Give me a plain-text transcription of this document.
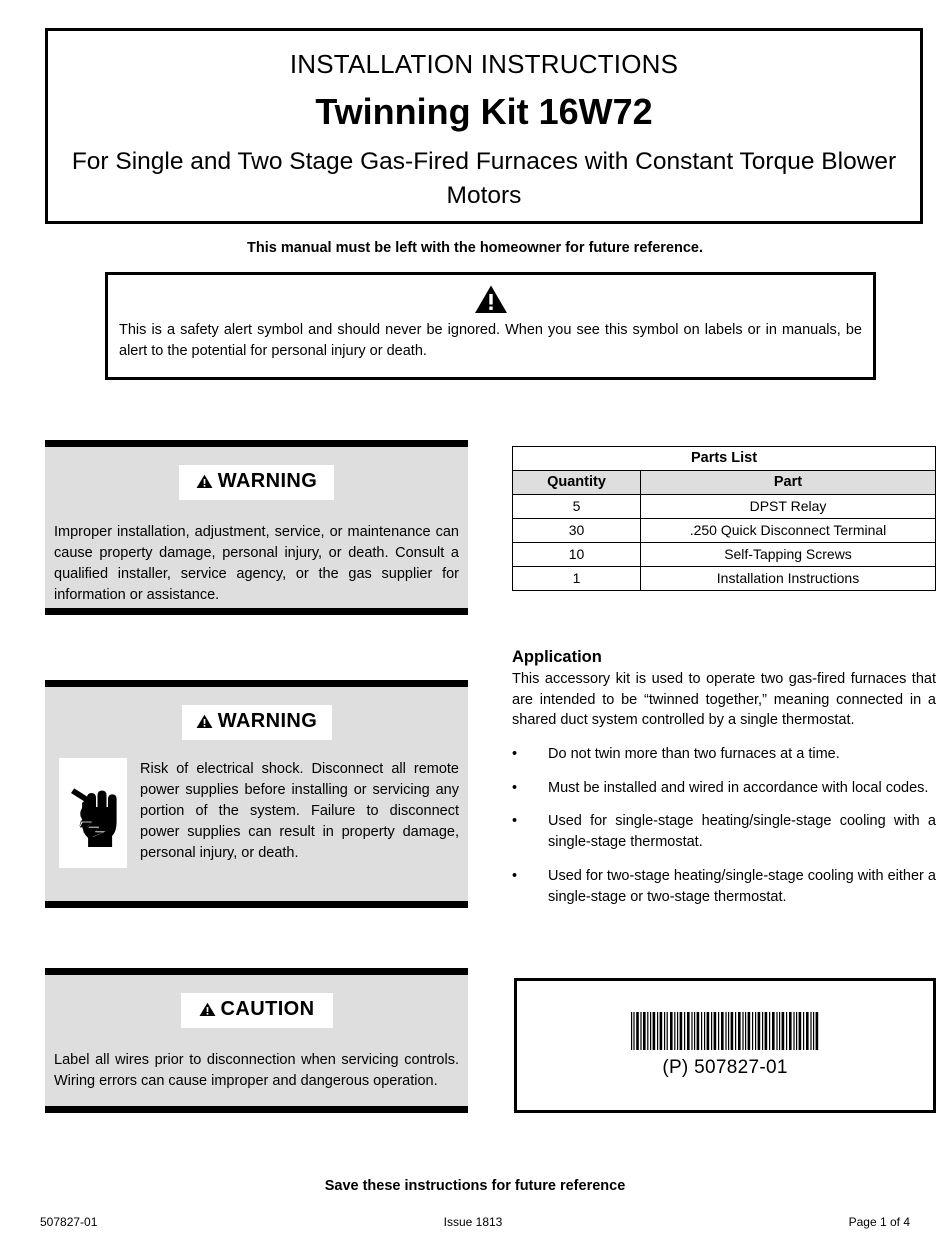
INSTALLATION INSTRUCTIONS
Twinning Kit 16W72
For Single and Two Stage Gas-Fired Furnaces with Constant Torque Blower Motors
This manual must be left with the homeowner for future reference.
This is a safety alert symbol and should never be ignored. When you see this symbol on labels or in manuals, be alert to the potential for personal injury or death.
WARNING
Improper installation, adjustment, service, or maintenance can cause property damage, personal injury, or death. Consult a qualified installer, service agency, or the gas supplier for information or assistance.
WARNING
Risk of electrical shock. Disconnect all remote power supplies before installing or servicing any portion of the system. Failure to disconnect power supplies can result in property damage, personal injury, or death.
CAUTION
Label all wires prior to disconnection when servicing controls. Wiring errors can cause improper and dangerous operation.
Parts List	
Quantity	Part
5	DPST Relay
30	.250 Quick Disconnect Terminal
10	Self-Tapping Screws
1	Installation Instructions
Application

This accessory kit is used to operate two gas-fired furnaces that are intended to be “twinned together,” meaning connected in a shared duct system controlled by a single thermostat.

•	Do not twin more than two furnaces at a time.
•	Must be installed and wired in accordance with local codes.
•	Used for single-stage heating/single-stage cooling with a single-stage thermostat.
•	Used for two-stage heating/single-stage cooling with either a single-stage or two-stage thermostat.
(P) 507827-01
Save these instructions for future reference
507827-01	Issue 1813	Page 1 of 4
